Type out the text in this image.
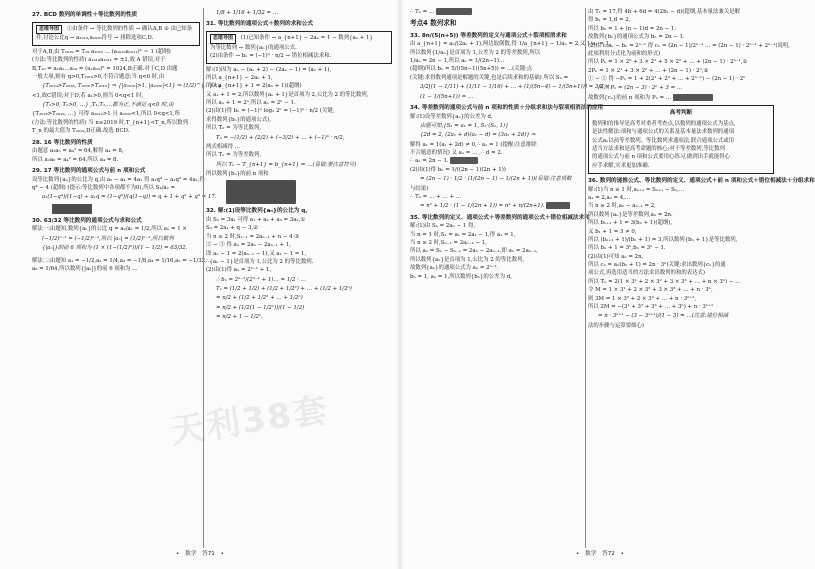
27. BCD 数列的单调性＋等比数列的性质
思维导图 ①由条件 → 等比数列的性质 → 确认A,B ② 由已知条件,讨论公比q → a₂₀₁₉,a₂₀₂₀符号 → 排除选项C,D.
对于A,B,由 T₂₀₁₉ = T₁₉ a₂₀₂₀ … (a₁₀₁₀a₁₀₁₁)² ＝ 1 (超纲)
(方法:等比数列的性质) a₁₀₁₀a₁₀₁₁ = ±1,故 A 错误,对于
B,T₁₀ = a₁a₂…a₁₀ = (a₁a₁₀)⁵ = 1024,B正确.对于C,D 由题
一般大项,则有 q>0,T₂₀₁₉>0,不符合题意;当 q<0 时,由
{T₂₀₁₉>T₂₀₁₈, T₂₀₂₀>T₂₀₁₉} ⇒ {|a₂₀₁₉|>1, |a₂₀₂₀|<1} ⇒ (1/2)^{…}<q
<1,故C错误;对于D,若 a₁>0,则当 0<q<1 时,
{T₁>0, T₂>0, …} ,T₁,T₂,…都为正,不满足 q<0 时,由
{T₂₀₁₈>T₂₀₁₉, …} 可得 a₂₀₁₉>1 且 a₂₀₂₀<1,所以 0<q<1,所
(方法:等比数列的性质) 当 n≥2019 时,T_{n+1}<T_n,所以数列
T_n 的最大值为 T₂₀₁₉,D正确.故选 BCD.
28. 16 等比数列的性质
由题意 a₃a₅ = a₄² = 64,解得 a₄ = 8,
所以 a₂a₆ = a₄² = 64,所以 a₄ = 8.
29. 17 等比数列的通项公式与前 n 项和公式
设等比数列{aₙ}的公比为 q,由 a₅ − a₄ = 4a₁ 得 a₁q⁴ − a₁q³ = 4a₁,得
q⁴ − 4 (超纲) (提示:等比数列中各项都不为0),所以 S₄/a₂ =
a₁(1−q⁴)/(1−q) ÷ a₁q = (1−q⁴)/(q(1−q)) = q + 1 + q² + q³ = 17.
30. 63/32 等比数列的通项公式与求和公式
解法一:由题知,数列{aₙ}的公比 q = a₂/a₁ = 1/2,所以 aₙ = 1 ×
(−1/2)ⁿ⁻¹ = (−1/2)ⁿ⁻¹,所以 |aₙ| = (1/2)ⁿ⁻¹,所以数列
{|aₙ|}的前 6 项和为 (1 × (1−(1/2)⁶))/(1 − 1/2) = 63/32.
解法二:由题知 a₁ = −1/2,a₂ = 1/4,a₃ = −1/8,a₄ = 1/16,a₅ = −1/32,
a₆ = 1/64,所以数列{|aₙ|}的前 6 项和为 …
1/8 + 1/16 + 1/32 = …
31. 等比数列的通项公式＋数列的求和公式
思维导图 (1)已知条件 → a_{n+1} − 2aₙ = 1 − 数列{aₙ + 1}
为等比数列 → 数列{aₙ}的通项公式.
(2)由条件 → bₙ = (−1)ⁿ · n/2 → 错位相减法求和.
解:(1)因为 aₙ − (aₙ + 2) − (2aₙ − 1) = (aₙ + 1),
所以 a_{n+1} − 2aₙ + 1,
所以 a_{n+1} + 1 = 2(aₙ + 1)(超纲)
又 a₁ + 1 = 2,所以数列{aₙ + 1}是首项为 2,公比为 2 的等比数列,
所以 aₙ + 1 = 2ⁿ,所以 aₙ = 2ⁿ − 1.
(2)由(1)得 bₙ = (−1)ⁿ log₂ 2ⁿ = (−1)ⁿ · n/2 (关键,
求得数列{bₙ}的通项公式),
所以 Tₙ = 为等比数列,
Tₙ = −(1/2) + (2/2) + (−3/2) + … + (−1)ⁿ · n/2,
两式相减得 …
所以 Tₙ = 为等差数列,
所以 Tₙ − T_{n+1} = b_{n+1} = …(易错:要注意符号)
所以数列{bₙ}的前 n 项和
32. 解:(1)设等比数列{aₙ}的公比为 q,
由 S₃ = 3a₁ 可得 a₁ + a₂ + a₃ = 3a₁,①
S₃ = 2a₁ + q − 3,②
当 n ≥ 2 时,Sₙ₋₁ = 2aₙ₋₁ + n − 4 ③
② − ③ 得 aₙ = 2aₙ − 2aₙ₋₁ + 1,
即 aₙ − 1 = 2(aₙ₋₁ − 1),又 a₁ − 1 = 1,
∴{aₙ − 1}是首项为 1,公比为 2 的等比数列.
(2)由(1)得 aₙ = 2ⁿ⁻¹ + 1,
∴ bₙ = 2ⁿ⁻¹/(2ⁿ⁻¹ + 1)… = 1/2 · …
Tₙ = (1/2 + 1/2) + (1/2 + 1/2²) + … + (1/2 + 1/2ⁿ)
= n/2 + (1/2 + 1/2² + … + 1/2ⁿ)
= n/2 + (1/2(1 − 1/2ⁿ))/(1 − 1/2)
= n/2 + 1 − 1/2ⁿ.
• 数学 答71 •
∴ Tₙ = …
考点4 数列求和
33. 8n/(5(n+5)) 等差数列的定义与通项公式＋裂项相消求和
由 a_{n+1} = aₙ/(2aₙ + 1),两边取倒数,得 1/a_{n+1} − 1/aₙ = 2,又 1/a₁ = 1,
所以数列{1/aₙ}是首项为 1,公差为 2 的等差数列,所以
1/aₙ = 2n − 1,所以 aₙ = 1/(2n−1)…
(超纲)所以 bₙ = 5/((5n−1)(5n+5)) = …(关键:点
(关键:求得数列通项是解题的关键,也是后续求和的基础) 所以 Sₙ =
3/2[(1 − 1/11) + (1/11 − 1/16) + … + (1/(5n−4) − 1/(5n+1))] = 3/2 ×
(1 − 1/(5n+1)) = …
34. 等差数列的通项公式与前 n 项和的性质＋分组求和法与裂项相消法的应用
解:(1)设等差数列{aₙ}的公差为 d,
由题可知,{S₁ = a₁ = 1, S₁·(S₁, 1)}
{2d = 2, (2a₁ + d)(a₁ − d) = (3a₁ + 2d)} ⇒
解得 a₁ = 1(a₁ + 2d) ≠ 0,∴ a₁ = 1 (提醒:注意排除
不合题意的情况) 又 a₁ = … ,∴ d = 2.
∴ aₙ = 2n − 1.
(2)由(1)得 bₙ = 1/((2n − 1)(2n + 1))
= (2n − 1) · 1/2 · (1/(2n − 1) − 1/(2n + 1))(易错:注意项数
与结果)
∴ Tₙ = … + … + …
= n² + 1/2 · (1 − 1/(2n + 1)) = n² + n/(2n+1).
35. 等比数列的定义、通项公式＋等差数列的通项公式＋错位相减法求和
解:(1)由 Sₙ = 2aₙ − 1 得,
当 n = 1 时,S₁ = a₁ = 2a₁ − 1,得 a₁ = 1,
当 n ≥ 2 时,Sₙ₋₁ = 2aₙ₋₁ − 1,
所以 aₙ = Sₙ − Sₙ₋₁ = 2aₙ − 2aₙ₋₁,即 aₙ = 2aₙ₋₁,
所以数列{aₙ}是首项为 1,公比为 2 的等比数列,
故数列{aₙ}的通项公式为 aₙ = 2ⁿ⁻¹.
bₙ = 1, aₙ = 1,所以数列{bₙ}的公差为 d,
由 T₁ = 17,得 4b + 6d = 4(2b₁ − d)(超纲,基本量法兼关是解
得 b₁ = 1,d = 2,
所以 bₙ = 1 + (n − 1)d = 2n − 1.
故数列{bₙ}的通项公式为 bₙ = 2n − 1.
(2)由 cₙaₙ − bₙ = 2ⁿ⁻¹ 得 cₙ = (2n − 1)/2ⁿ⁻¹ … = (2n − 1) · 2ⁿ⁻¹ + 2ⁿ⁻¹(说明,
此项利用分式化为前和的形式)
所以 Pₙ = 1 × 2⁰ + 3 × 2¹ + 5 × 2² + … + (2n − 1) · 2ⁿ⁻¹,①
2Pₙ = 1 × 2¹ + 3 × 2² + … + (2n − 1) · 2ⁿ,②
① − ② 得 −Pₙ = 1 + 2(2¹ + 2² + … + 2ⁿ⁻¹) − (2n − 1) · 2ⁿ
所以 Pₙ = (2n − 3) · 2ⁿ + 3 = …
故数列{cₙ}的前 n 项和为 Pₙ = …
高考判断
数列和的推导是高考对重者考查点,以数列的通项公式为基点,
是法性解法:项和与通项公式的关系及基本量法求数列的通项
公式aₙ以前等差数列、等比数列求通项法,联合通项公式或用
适当方法求和是高考命题的核心;对于等差数列,等比数列
的通项公式与前 n 项和公式要用心练习,做到出手就能得心
应手求解,实求更加准确.
36. 数列的递推公式、等比数列的定义、通项公式＋前 n 项和公式＋错位相减法＋分组求和
解:(1)当 n ≥ 1 时,aₙ₊₁ = Sₙ₊₁ − Sₙ,…
a₁ = 2,a₂ = 4,…
当 n ≥ 2 时,aₙ − aₙ₋₁ = 2,
所以数列{aₙ}是等差数列,aₙ = 2n.
所以 bₙ₊₁ + 1 = 3(bₙ + 1)(超纲),
又 b₁ + 1 = 3 ≠ 0,
所以 (bₙ₊₁ + 1)/(bₙ + 1) = 3,所以数列{bₙ + 1}是等比数列,
所以 bₙ + 1 = 3ⁿ,bₙ = 3ⁿ − 1.
(2)由(1)可知 aₙ = 2n,
所以 cₙ = aₙ(bₙ + 1) = 2n · 3ⁿ(关键:求出数列{cₙ}的通
项公式,再选用适当的方法求出数列的和的表达式)
所以 Tₙ = 2(1 × 3¹ + 2 × 3² + 3 × 3³ + … + n × 3ⁿ) − …
令 M = 1 × 3¹ + 2 × 3² + 3 × 3³ + … + n · 3ⁿ,
则 3M = 1 × 3² + 2 × 3³ + … + n · 3ⁿ⁺¹,
所以 2M = −(3¹ + 3² + 3³ + … + 3ⁿ) + n · 3ⁿ⁺¹
= n · 3ⁿ⁺¹ − (3 − 3ⁿ⁺¹)/(1 − 3) = …(注意:错位相减
法的步骤与运算要细心)
天利38套
• 数学 答72 •
